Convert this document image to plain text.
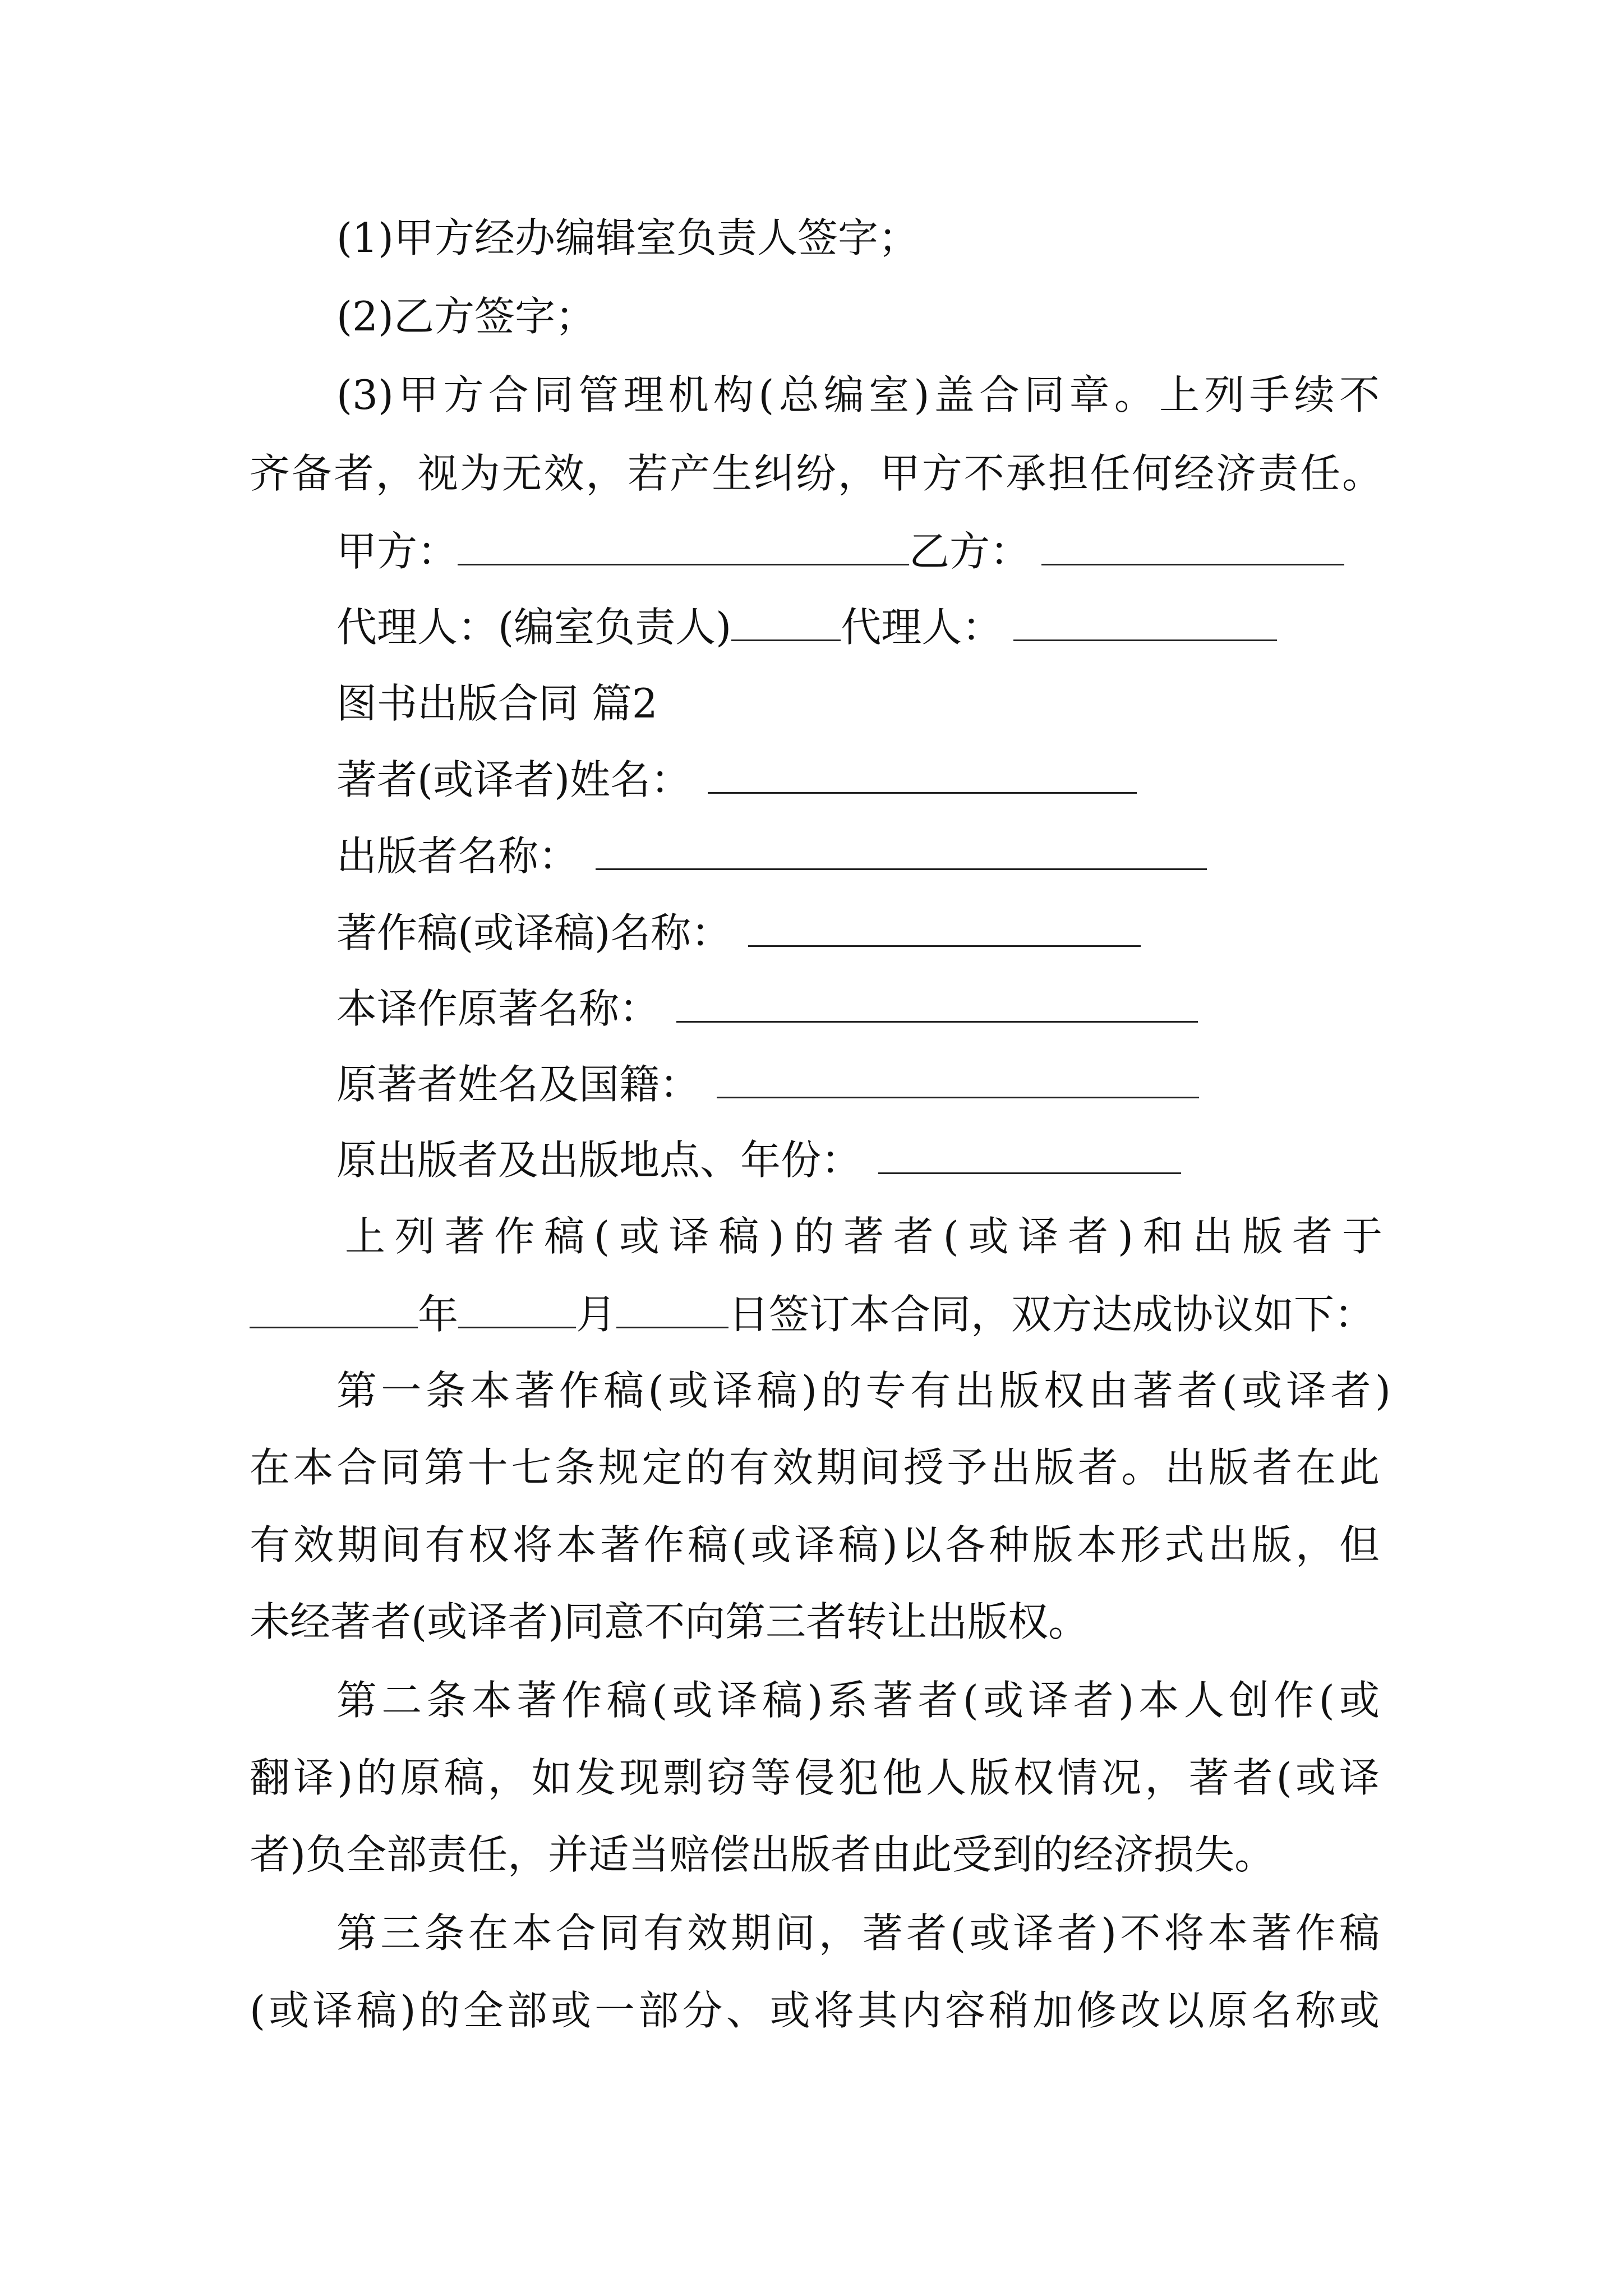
(1)甲方经办编辑室负责人签字；
(2)乙方签字；
(3)甲方合同管理机构(总编室)盖合同章。上列手续不
齐备者，视为无效，若产生纠纷，甲方不承担任何经济责任。
甲方：	乙方：
代理人：(编室负责人)	代理人：
图书出版合同 篇2
著者(或译者)姓名：
出版者名称：
著作稿(或译稿)名称：
本译作原著名称：
原著者姓名及国籍：
原出版者及出版地点、年份：
上列著作稿(或译稿)的著者(或译者)和出版者于
年	月	日签订本合同，双方达成协议如下：
第一条本著作稿(或译稿)的专有出版权由著者(或译者)
在本合同第十七条规定的有效期间授予出版者。出版者在此
有效期间有权将本著作稿(或译稿)以各种版本形式出版，但
未经著者(或译者)同意不向第三者转让出版权。
第二条本著作稿(或译稿)系著者(或译者)本人创作(或
翻译)的原稿，如发现剽窃等侵犯他人版权情况，著者(或译
者)负全部责任，并适当赔偿出版者由此受到的经济损失。
第三条在本合同有效期间，著者(或译者)不将本著作稿
(或译稿)的全部或一部分、或将其内容稍加修改以原名称或
